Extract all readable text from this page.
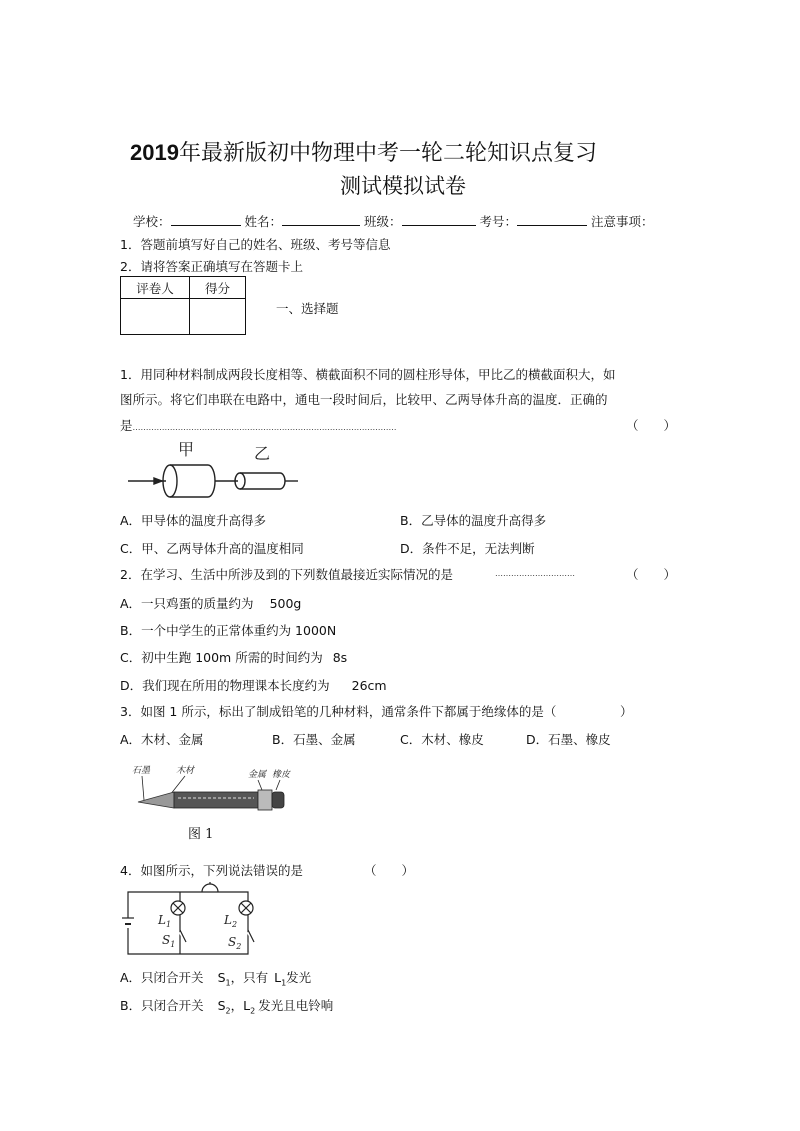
2019年最新版初中物理中考一轮二轮知识点复习
测试模拟试卷
学校：	姓名：	班级：	考号：	注意事项：
1．答题前填写好自己的姓名、班级、考号等信息
2．请将答案正确填写在答题卡上
评卷人	得分

一、选择题
1．用同种材料制成两段长度相等、横截面积不同的圆柱形导体，甲比乙的横截面积大，如
图所示。将它们串联在电路中，通电一段时间后，比较甲、乙两导体升高的温度．正确的
是………………………………………………………………………………………	（　　）
甲	乙
A．甲导体的温度升高得多	B．乙导体的温度升高得多
C．甲、乙两导体升高的温度相同	D．条件不足，无法判断
2．在学习、生活中所涉及到的下列数值最接近实际情况的是	…………………………	（　　）
A．一只鸡蛋的质量约为 500g
B．一个中学生的正常体重约为 1000N
C．初中生跑 100m 所需的时间约为 8s
D．我们现在所用的物理课本长度约为 26cm
3．如图 1 所示，标出了制成铅笔的几种材料，通常条件下都属于绝缘体的是（	）
A．木材、金属	B．石墨、金属	C．木材、橡皮	D．石墨、橡皮
石墨	木材	金属 橡皮
图 1
4．如图所示，下列说法错误的是	（　　）
$L_1$
$S_1$
$L_2$
$S_2$
A．只闭合开关 $S_1$，只有 $L_1$发光
B．只闭合开关 $S_2$，$L_2$ 发光且电铃响
